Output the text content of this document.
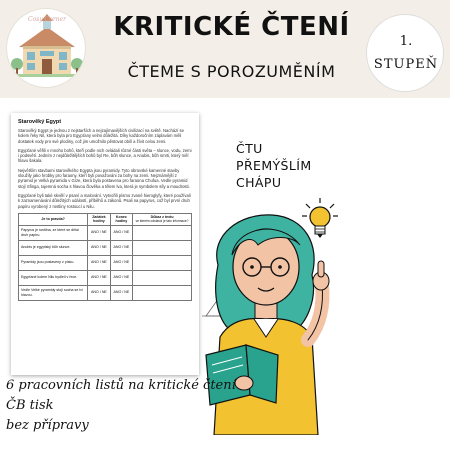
Cosy Corner	KRITICKÉ ČTENÍ
ČTEME S POROZUMĚNÍM
1.
STUPEŇ
Starověký Egypt

Starověký Egypt je jednou z nejstarších a nejzajímavějších civilizací na světě. Nachází se kolem řeky Nil, která byla pro Egypťany velmi důležitá. Díky každoročním záplavám měli dostatek vody pro své plodiny, což jim umožnilo pěstovat obilí a žívit celou zemi.

Egypťané věřili v mnoho bohů, kteří podle nich ovládali různé části světa – slunce, vodu, zemi i podsvětí. Jedním z nejdůležitějších bohů byl Re, bůh slunce, a Anubis, bůh smrti, který měl hlavu šakala.

Největším stavbami starověkého Egypta jsou pyramidy. Tyto obrovské kamenné stavby sloužily jako hrobky pro faraony, kteří byli považováni za bohy na zemi. Nejznámější z pyramid je Velká pyramida v Gíze, která byla postavena pro faraona Chufua. Vedle pyramid stojí Sfinga, tajemná socha s hlavou člověka a tělem lva, která je symbolem síly a moudrosti.

Egypťané byli také skvělí v psaní a malování. Vytvořili písmo zvané hieroglyfy, které používali k zaznamenávání důležitých událostí, příběhů a zákonů. Psali na papyrus, což byl první druh papíru vyrobený z rostliny rostoucí u Nilu.

Je to pravda?	Začátek hodiny	Konec hodiny	Důkaz z textu
ve kterém odstavci je tato informace?
Papyrus je rostlina, ze které se dělal druh papíru.	ANO / NE	ANO / NE	
Anubis je egyptský bůh slunce.	ANO / NE	ANO / NE	
Pyramidy jsou postaveny z písku.	ANO / NE	ANO / NE	
Egypťané kolem Nilu bydleli v řece.	ANO / NE	ANO / NE	
Vedle Velké pyramidy stojí socha se lví hlavou.	ANO / NE	ANO / NE	
ČTU
PŘEMÝŠLÍM
CHÁPU
6 pracovních listů na kritické čtení
ČB tisk
bez přípravy
